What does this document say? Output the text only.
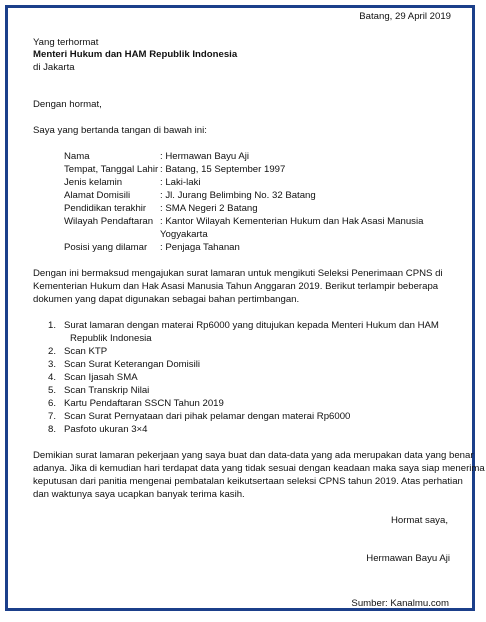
Batang, 29 April 2019
Yang terhormat
Menteri Hukum dan HAM Republik Indonesia
di Jakarta
Dengan hormat,
Saya yang bertanda tangan di bawah ini:
Nama	: Hermawan Bayu Aji
Tempat, Tanggal Lahir : Batang, 15 September 1997
Jenis kelamin	: Laki-laki
Alamat Domisili	: Jl. Jurang Belimbing No. 32 Batang
Pendidikan terakhir : SMA Negeri 2 Batang
Wilayah Pendaftaran : Kantor Wilayah Kementerian Hukum dan Hak Asasi Manusia
Yogyakarta
Posisi yang dilamar : Penjaga Tahanan
Dengan ini bermaksud mengajukan surat lamaran untuk mengikuti Seleksi Penerimaan CPNS di
Kementerian Hukum dan Hak Asasi Manusia Tahun Anggaran 2019. Berikut terlampir beberapa
dokumen yang dapat digunakan sebagai bahan pertimbangan.
1. Surat lamaran dengan materai Rp6000 yang ditujukan kepada Menteri Hukum dan HAM
Republik Indonesia
2. Scan KTP
3. Scan Surat Keterangan Domisili
4. Scan Ijasah SMA
5. Scan Transkrip Nilai
6. Kartu Pendaftaran SSCN Tahun 2019
7. Scan Surat Pernyataan dari pihak pelamar dengan materai Rp6000
8. Pasfoto ukuran 3×4
Demikian surat lamaran pekerjaan yang saya buat dan data-data yang ada merupakan data yang benar
adanya. Jika di kemudian hari terdapat data yang tidak sesuai dengan keadaan maka saya siap menerima
keputusan dari panitia mengenai pembatalan keikutsertaan seleksi CPNS tahun 2019. Atas perhatian
dan waktunya saya ucapkan banyak terima kasih.
Hormat saya,
Hermawan Bayu Aji
Sumber: Kanalmu.com
